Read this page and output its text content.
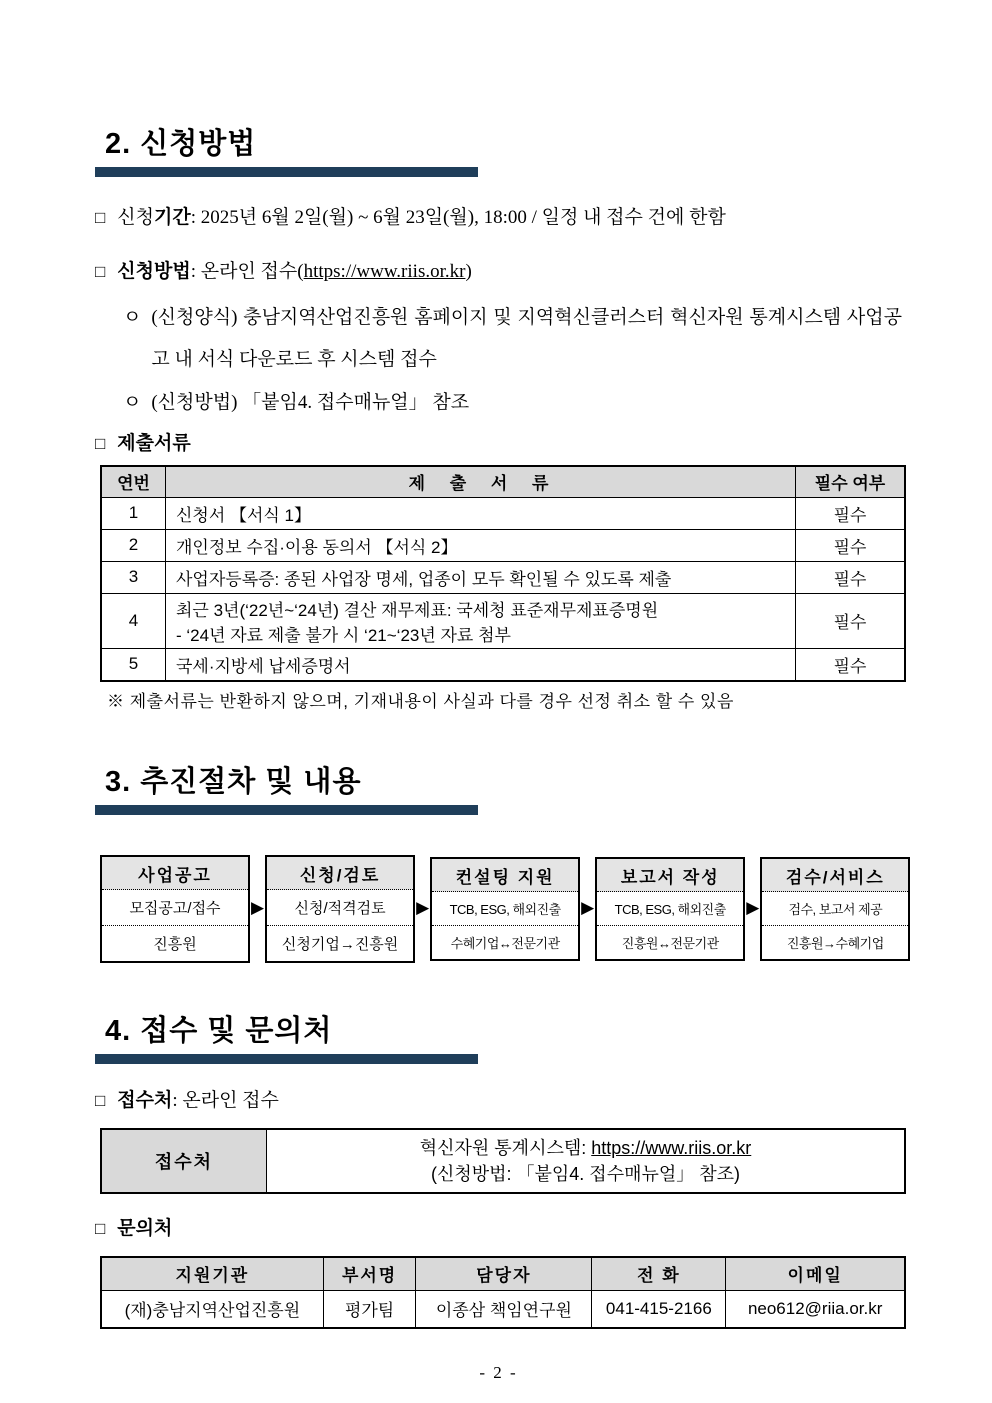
2. 신청방법
□ 신청기간: 2025년 6월 2일(월) ~ 6월 23일(월), 18:00 / 일정 내 접수 건에 한함
□ 신청방법: 온라인 접수(https://www.riis.or.kr)
ㅇ (신청양식) 충남지역산업진흥원 홈페이지 및 지역혁신클러스터 혁신자원 통계시스템 사업공고 내 서식 다운로드 후 시스템 접수
ㅇ (신청방법) 「붙임4. 접수매뉴얼」 참조
□ 제출서류
연번	제 출 서 류	필수 여부
1	신청서 【서식 1】	필수
2	개인정보 수집·이용 동의서 【서식 2】	필수
3	사업자등록증: 종된 사업장 명세, 업종이 모두 확인될 수 있도록 제출	필수
4	최근 3년(‘22년~‘24년) 결산 재무제표: 국세청 표준재무제표증명원
- ‘24년 자료 제출 불가 시 ‘21~‘23년 자료 첨부	필수
5	국세·지방세 납세증명서	필수
※ 제출서류는 반환하지 않으며, 기재내용이 사실과 다를 경우 선정 취소 할 수 있음
3. 추진절차 및 내용
사업공고
모집공고/접수
진흥원
▶
신청/검토
신청/적격검토
신청기업→진흥원
▶
컨설팅 지원
TCB, ESG, 해외진출
수혜기업↔전문기관
▶
보고서 작성
TCB, ESG, 해외진출
진흥원↔전문기관
▶
검수/서비스
검수, 보고서 제공
진흥원→수혜기업
4. 접수 및 문의처
□ 접수처: 온라인 접수
접수처	
혁신자원 통계시스템: https://www.riis.or.kr
(신청방법: 「붙임4. 접수매뉴얼」 참조)
□ 문의처
지원기관	부서명	담당자	전 화	이메일
(재)충남지역산업진흥원	평가팀	이종삼 책임연구원	041-415-2166	neo612@riia.or.kr
- 2 -
